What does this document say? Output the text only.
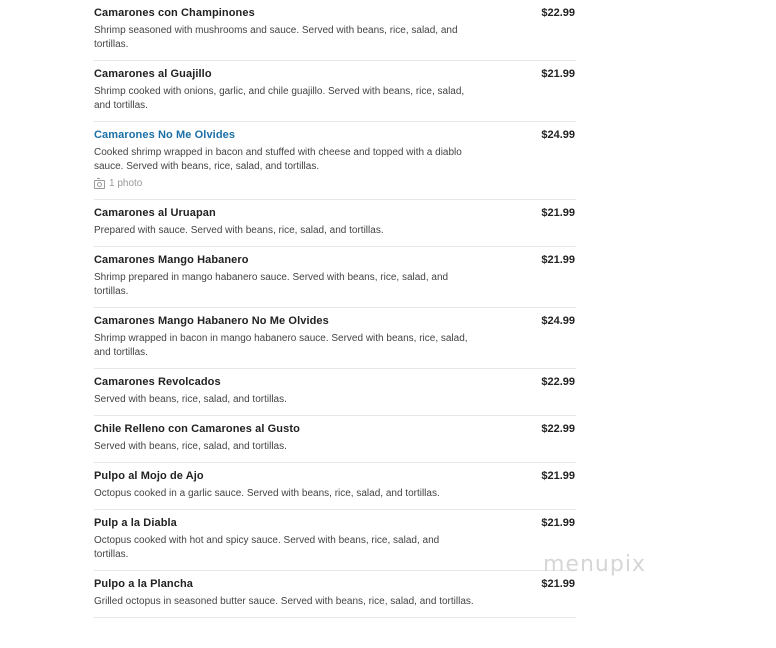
Camarones con Champinones	$22.99
Shrimp seasoned with mushrooms and sauce. Served with beans, rice, salad, and tortillas.
Camarones al Guajillo	$21.99
Shrimp cooked with onions, garlic, and chile guajillo. Served with beans, rice, salad, and tortillas.
Camarones No Me Olvides	$24.99
Cooked shrimp wrapped in bacon and stuffed with cheese and topped with a diablo sauce. Served with beans, rice, salad, and tortillas.
1 photo
Camarones al Uruapan	$21.99
Prepared with sauce. Served with beans, rice, salad, and tortillas.
Camarones Mango Habanero	$21.99
Shrimp prepared in mango habanero sauce. Served with beans, rice, salad, and tortillas.
Camarones Mango Habanero No Me Olvides	$24.99
Shrimp wrapped in bacon in mango habanero sauce. Served with beans, rice, salad, and tortillas.
Camarones Revolcados	$22.99
Served with beans, rice, salad, and tortillas.
Chile Relleno con Camarones al Gusto	$22.99
Served with beans, rice, salad, and tortillas.
Pulpo al Mojo de Ajo	$21.99
Octopus cooked in a garlic sauce. Served with beans, rice, salad, and tortillas.
Pulp a la Diabla	$21.99
Octopus cooked with hot and spicy sauce. Served with beans, rice, salad, and tortillas.
Pulpo a la Plancha	$21.99
Grilled octopus in seasoned butter sauce. Served with beans, rice, salad, and tortillas.
menupix
